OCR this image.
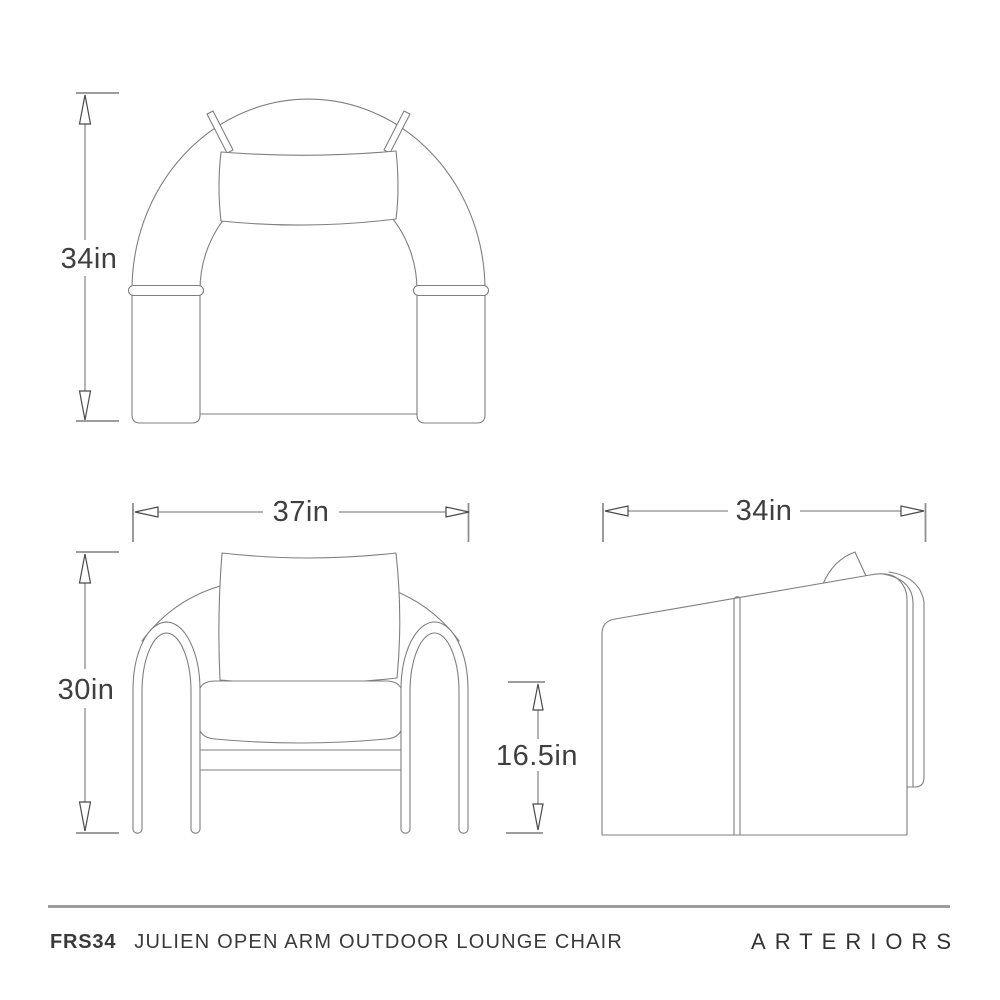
34in
37in
30in
16.5in
34in
FRS34 JULIEN OPEN ARM OUTDOOR LOUNGE CHAIR	ARTERIORS
